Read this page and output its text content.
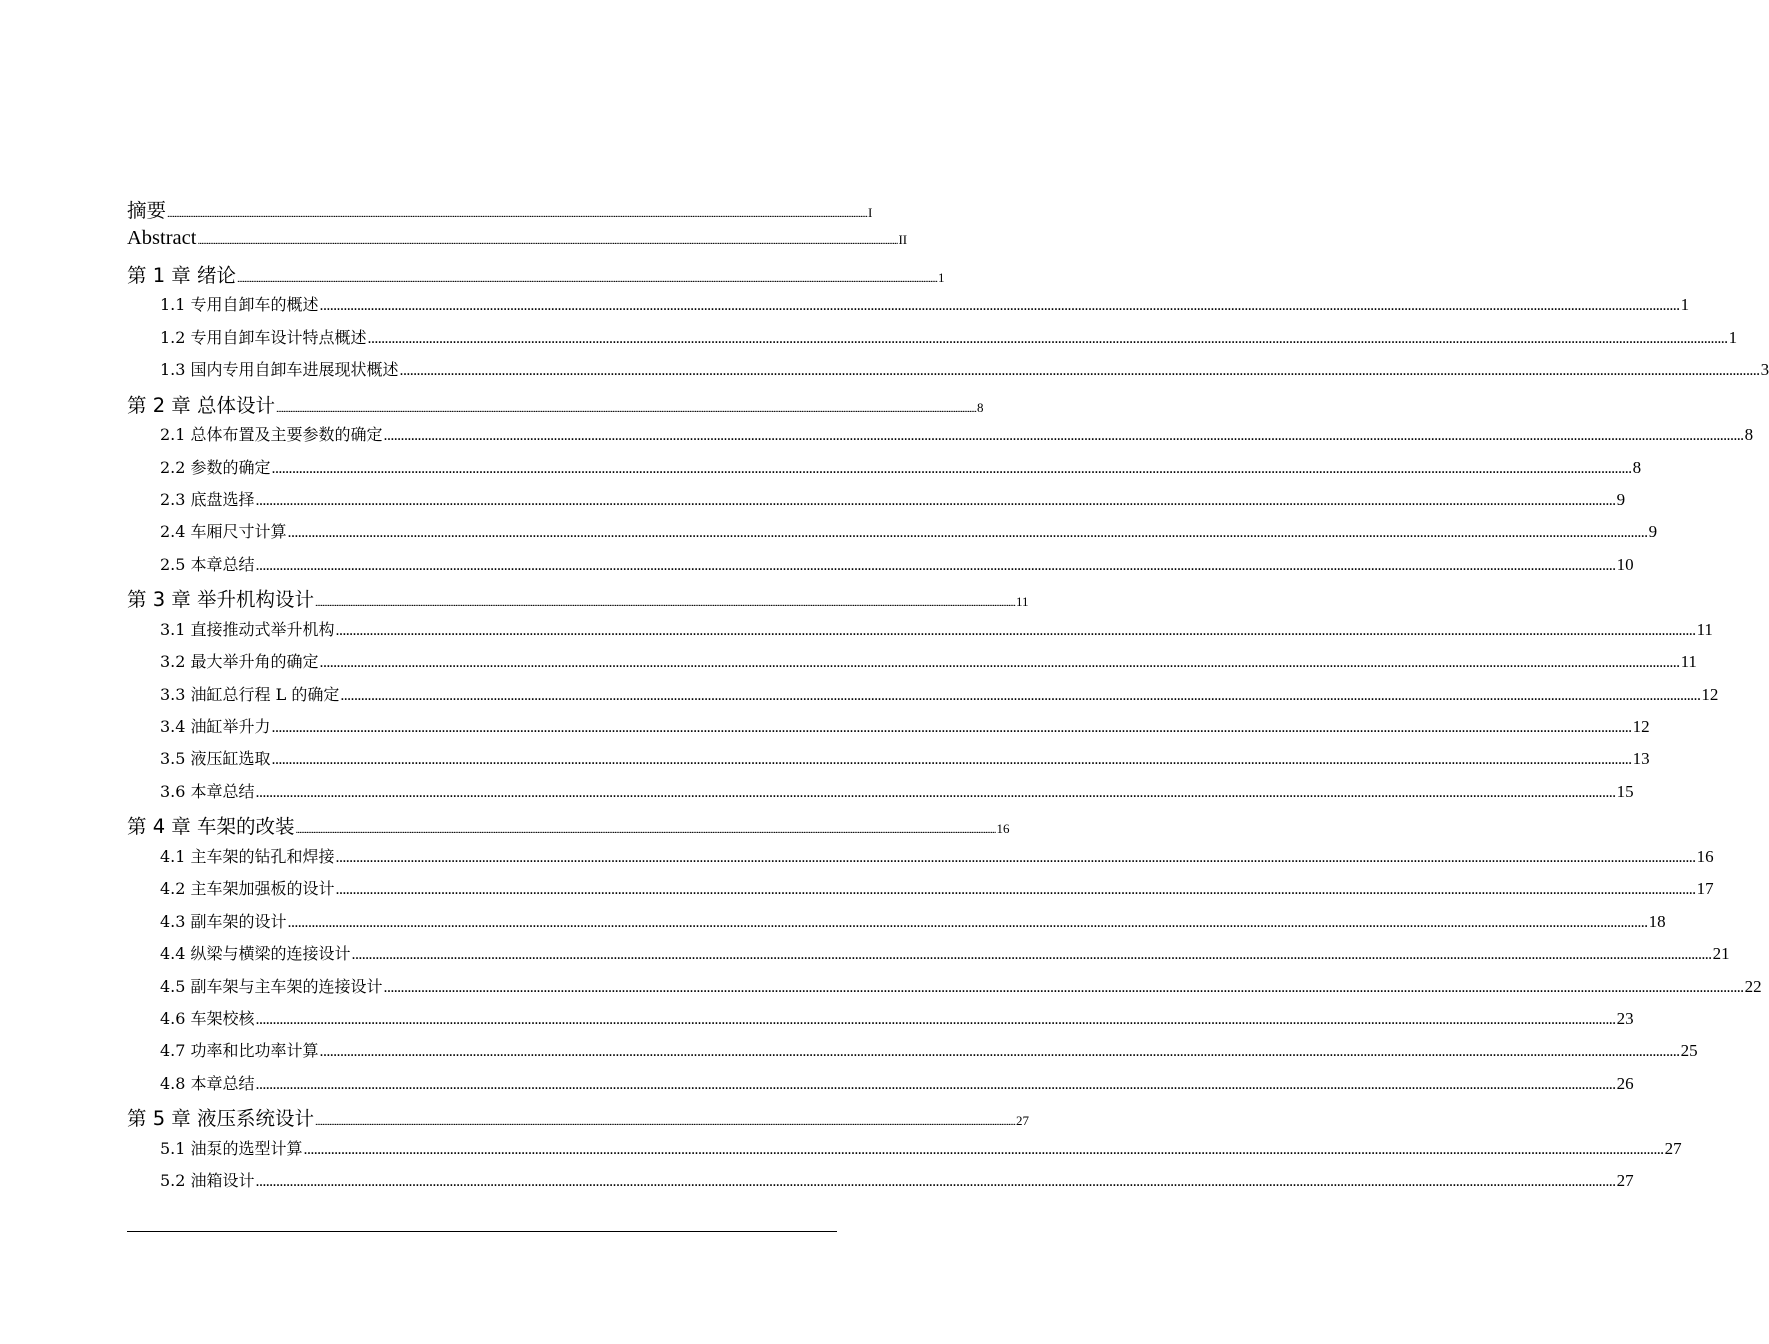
摘要 ................................................................................................................................................................................................................................................................................................................................................................................................................ I
Abstract ................................................................................................................................................................................................................................................................................................................................................................................................................ II
第 1 章 绪论 ................................................................................................................................................................................................................................................................................................................................................................................................................ 1
1.1 专用自卸车的概述 ................................................................................................................................................................................................................................................................................................................................................................................................................ 1
1.2 专用自卸车设计特点概述 ................................................................................................................................................................................................................................................................................................................................................................................................................ 1
1.3 国内专用自卸车进展现状概述 ................................................................................................................................................................................................................................................................................................................................................................................................................ 3
第 2 章 总体设计 ................................................................................................................................................................................................................................................................................................................................................................................................................ 8
2.1 总体布置及主要参数的确定 ................................................................................................................................................................................................................................................................................................................................................................................................................ 8
2.2 参数的确定 ................................................................................................................................................................................................................................................................................................................................................................................................................ 8
2.3 底盘选择 ................................................................................................................................................................................................................................................................................................................................................................................................................ 9
2.4 车厢尺寸计算 ................................................................................................................................................................................................................................................................................................................................................................................................................ 9
2.5 本章总结 ................................................................................................................................................................................................................................................................................................................................................................................................................ 10
第 3 章 举升机构设计 ................................................................................................................................................................................................................................................................................................................................................................................................................ 11
3.1 直接推动式举升机构 ................................................................................................................................................................................................................................................................................................................................................................................................................ 11
3.2 最大举升角的确定 ................................................................................................................................................................................................................................................................................................................................................................................................................ 11
3.3 油缸总行程 L 的确定 ................................................................................................................................................................................................................................................................................................................................................................................................................ 12
3.4 油缸举升力 ................................................................................................................................................................................................................................................................................................................................................................................................................ 12
3.5 液压缸选取 ................................................................................................................................................................................................................................................................................................................................................................................................................ 13
3.6 本章总结 ................................................................................................................................................................................................................................................................................................................................................................................................................ 15
第 4 章 车架的改装 ................................................................................................................................................................................................................................................................................................................................................................................................................ 16
4.1 主车架的钻孔和焊接 ................................................................................................................................................................................................................................................................................................................................................................................................................ 16
4.2 主车架加强板的设计 ................................................................................................................................................................................................................................................................................................................................................................................................................ 17
4.3 副车架的设计 ................................................................................................................................................................................................................................................................................................................................................................................................................ 18
4.4 纵梁与横梁的连接设计 ................................................................................................................................................................................................................................................................................................................................................................................................................ 21
4.5 副车架与主车架的连接设计 ................................................................................................................................................................................................................................................................................................................................................................................................................ 22
4.6 车架校核 ................................................................................................................................................................................................................................................................................................................................................................................................................ 23
4.7 功率和比功率计算 ................................................................................................................................................................................................................................................................................................................................................................................................................ 25
4.8 本章总结 ................................................................................................................................................................................................................................................................................................................................................................................................................ 26
第 5 章 液压系统设计 ................................................................................................................................................................................................................................................................................................................................................................................................................ 27
5.1 油泵的选型计算 ................................................................................................................................................................................................................................................................................................................................................................................................................ 27
5.2 油箱设计 ................................................................................................................................................................................................................................................................................................................................................................................................................ 27
